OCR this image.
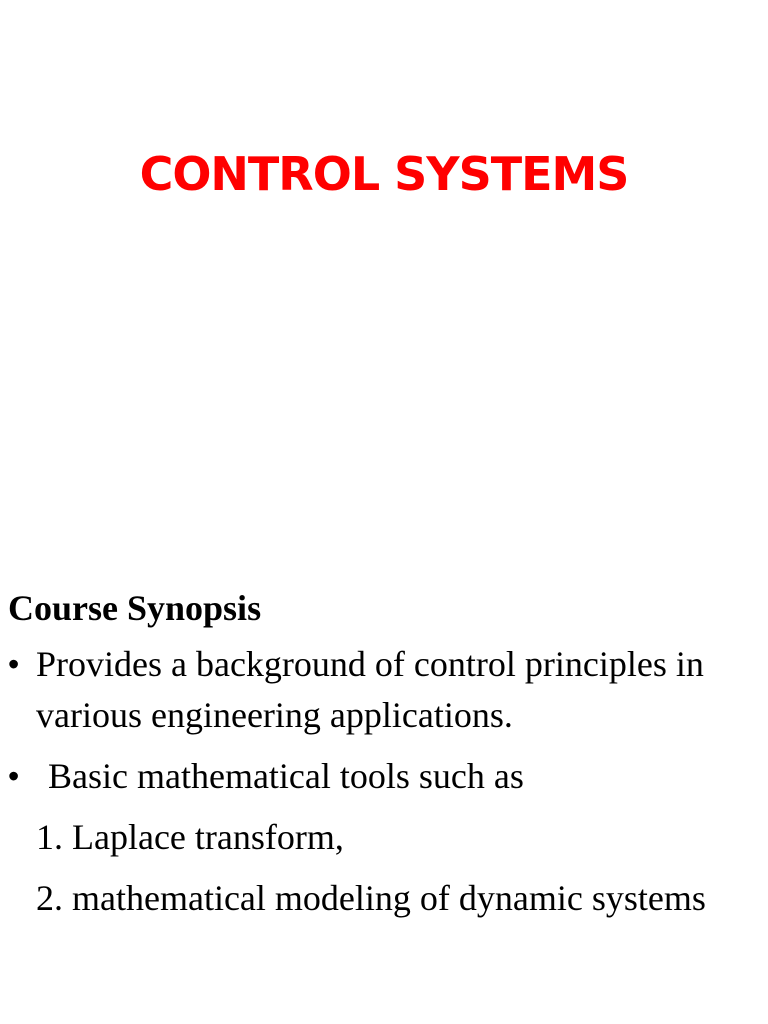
CONTROL SYSTEMS
Course Synopsis
• Provides a background of control principles in various engineering applications.
• Basic mathematical tools such as
1. Laplace transform,
2. mathematical modeling of dynamic systems
